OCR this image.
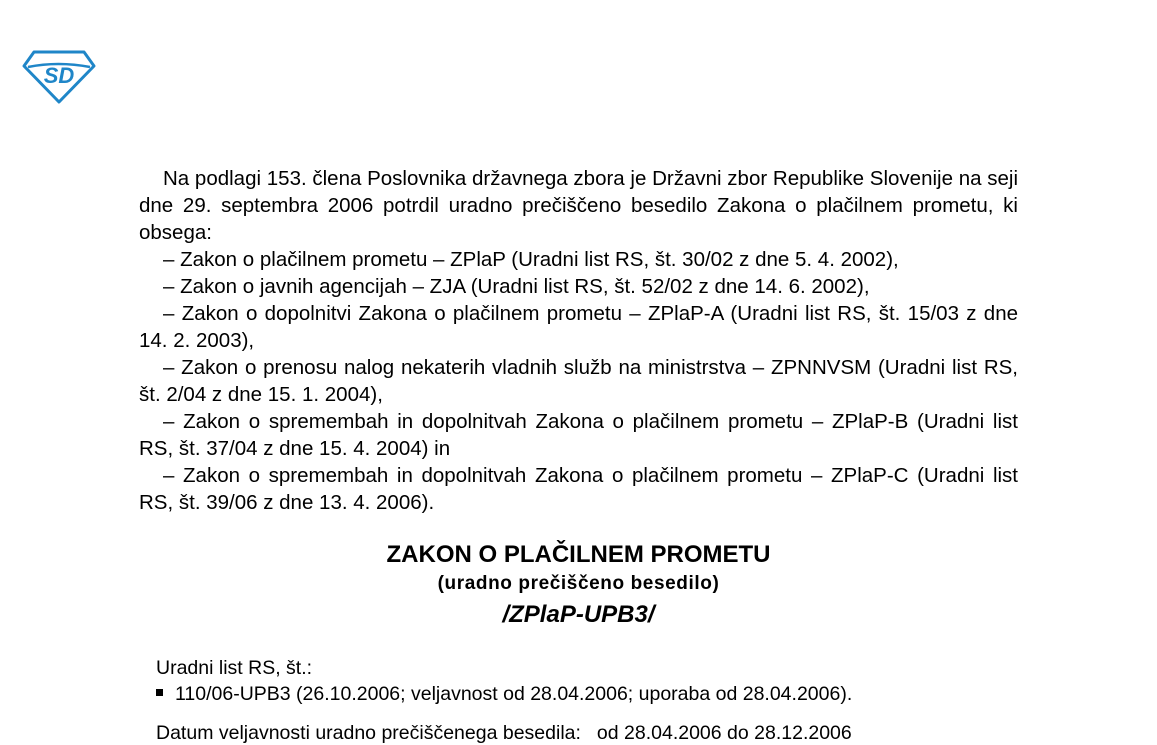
SD

Na podlagi 153. člena Poslovnika državnega zbora je Državni zbor Republike Slovenije na seji dne 29. septembra 2006 potrdil uradno prečiščeno besedilo Zakona o plačilnem prometu, ki obsega:

– Zakon o plačilnem prometu – ZPlaP (Uradni list RS, št. 30/02 z dne 5. 4. 2002),

– Zakon o javnih agencijah – ZJA (Uradni list RS, št. 52/02 z dne 14. 6. 2002),

– Zakon o dopolnitvi Zakona o plačilnem prometu – ZPlaP-A (Uradni list RS, št. 15/03 z dne 14. 2. 2003),

– Zakon o prenosu nalog nekaterih vladnih služb na ministrstva – ZPNNVSM (Uradni list RS, št. 2/04 z dne 15. 1. 2004),

– Zakon o spremembah in dopolnitvah Zakona o plačilnem prometu – ZPlaP-B (Uradni list RS, št. 37/04 z dne 15. 4. 2004) in

– Zakon o spremembah in dopolnitvah Zakona o plačilnem prometu – ZPlaP-C (Uradni list RS, št. 39/06 z dne 13. 4. 2006).

ZAKON O PLAČILNEM PROMETU
(uradno prečiščeno besedilo)
/ZPlaP-UPB3/
Uradni list RS, št.:
110/06-UPB3 (26.10.2006; veljavnost od 28.04.2006; uporaba od 28.04.2006).
Datum veljavnosti uradno prečiščenega besedila: od 28.04.2006 do 28.12.2006
